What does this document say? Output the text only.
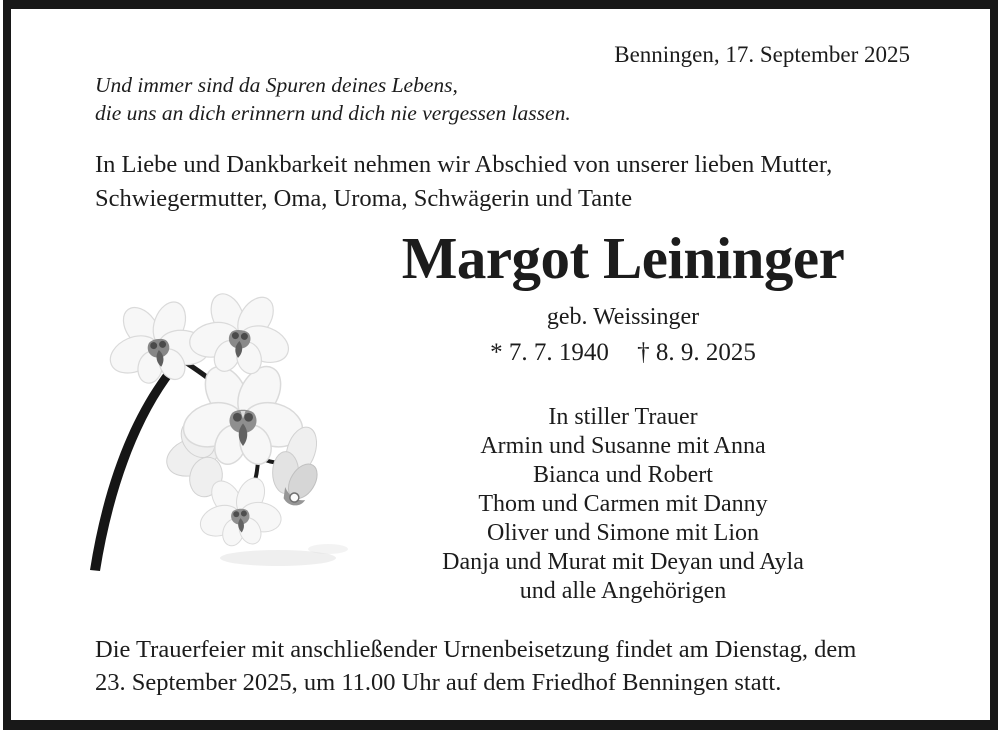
Benningen, 17. September 2025
Und immer sind da Spuren deines Lebens,
die uns an dich erinnern und dich nie vergessen lassen.
In Liebe und Dankbarkeit nehmen wir Abschied von unserer lieben Mutter,
Schwiegermutter, Oma, Uroma, Schwägerin und Tante
Margot Leininger
geb. Weissinger
* 7. 7. 1940 † 8. 9. 2025
In stiller Trauer
Armin und Susanne mit Anna
Bianca und Robert
Thom und Carmen mit Danny
Oliver und Simone mit Lion
Danja und Murat mit Deyan und Ayla
und alle Angehörigen
Die Trauerfeier mit anschließender Urnenbeisetzung findet am Dienstag, dem
23. September 2025, um 11.00 Uhr auf dem Friedhof Benningen statt.
